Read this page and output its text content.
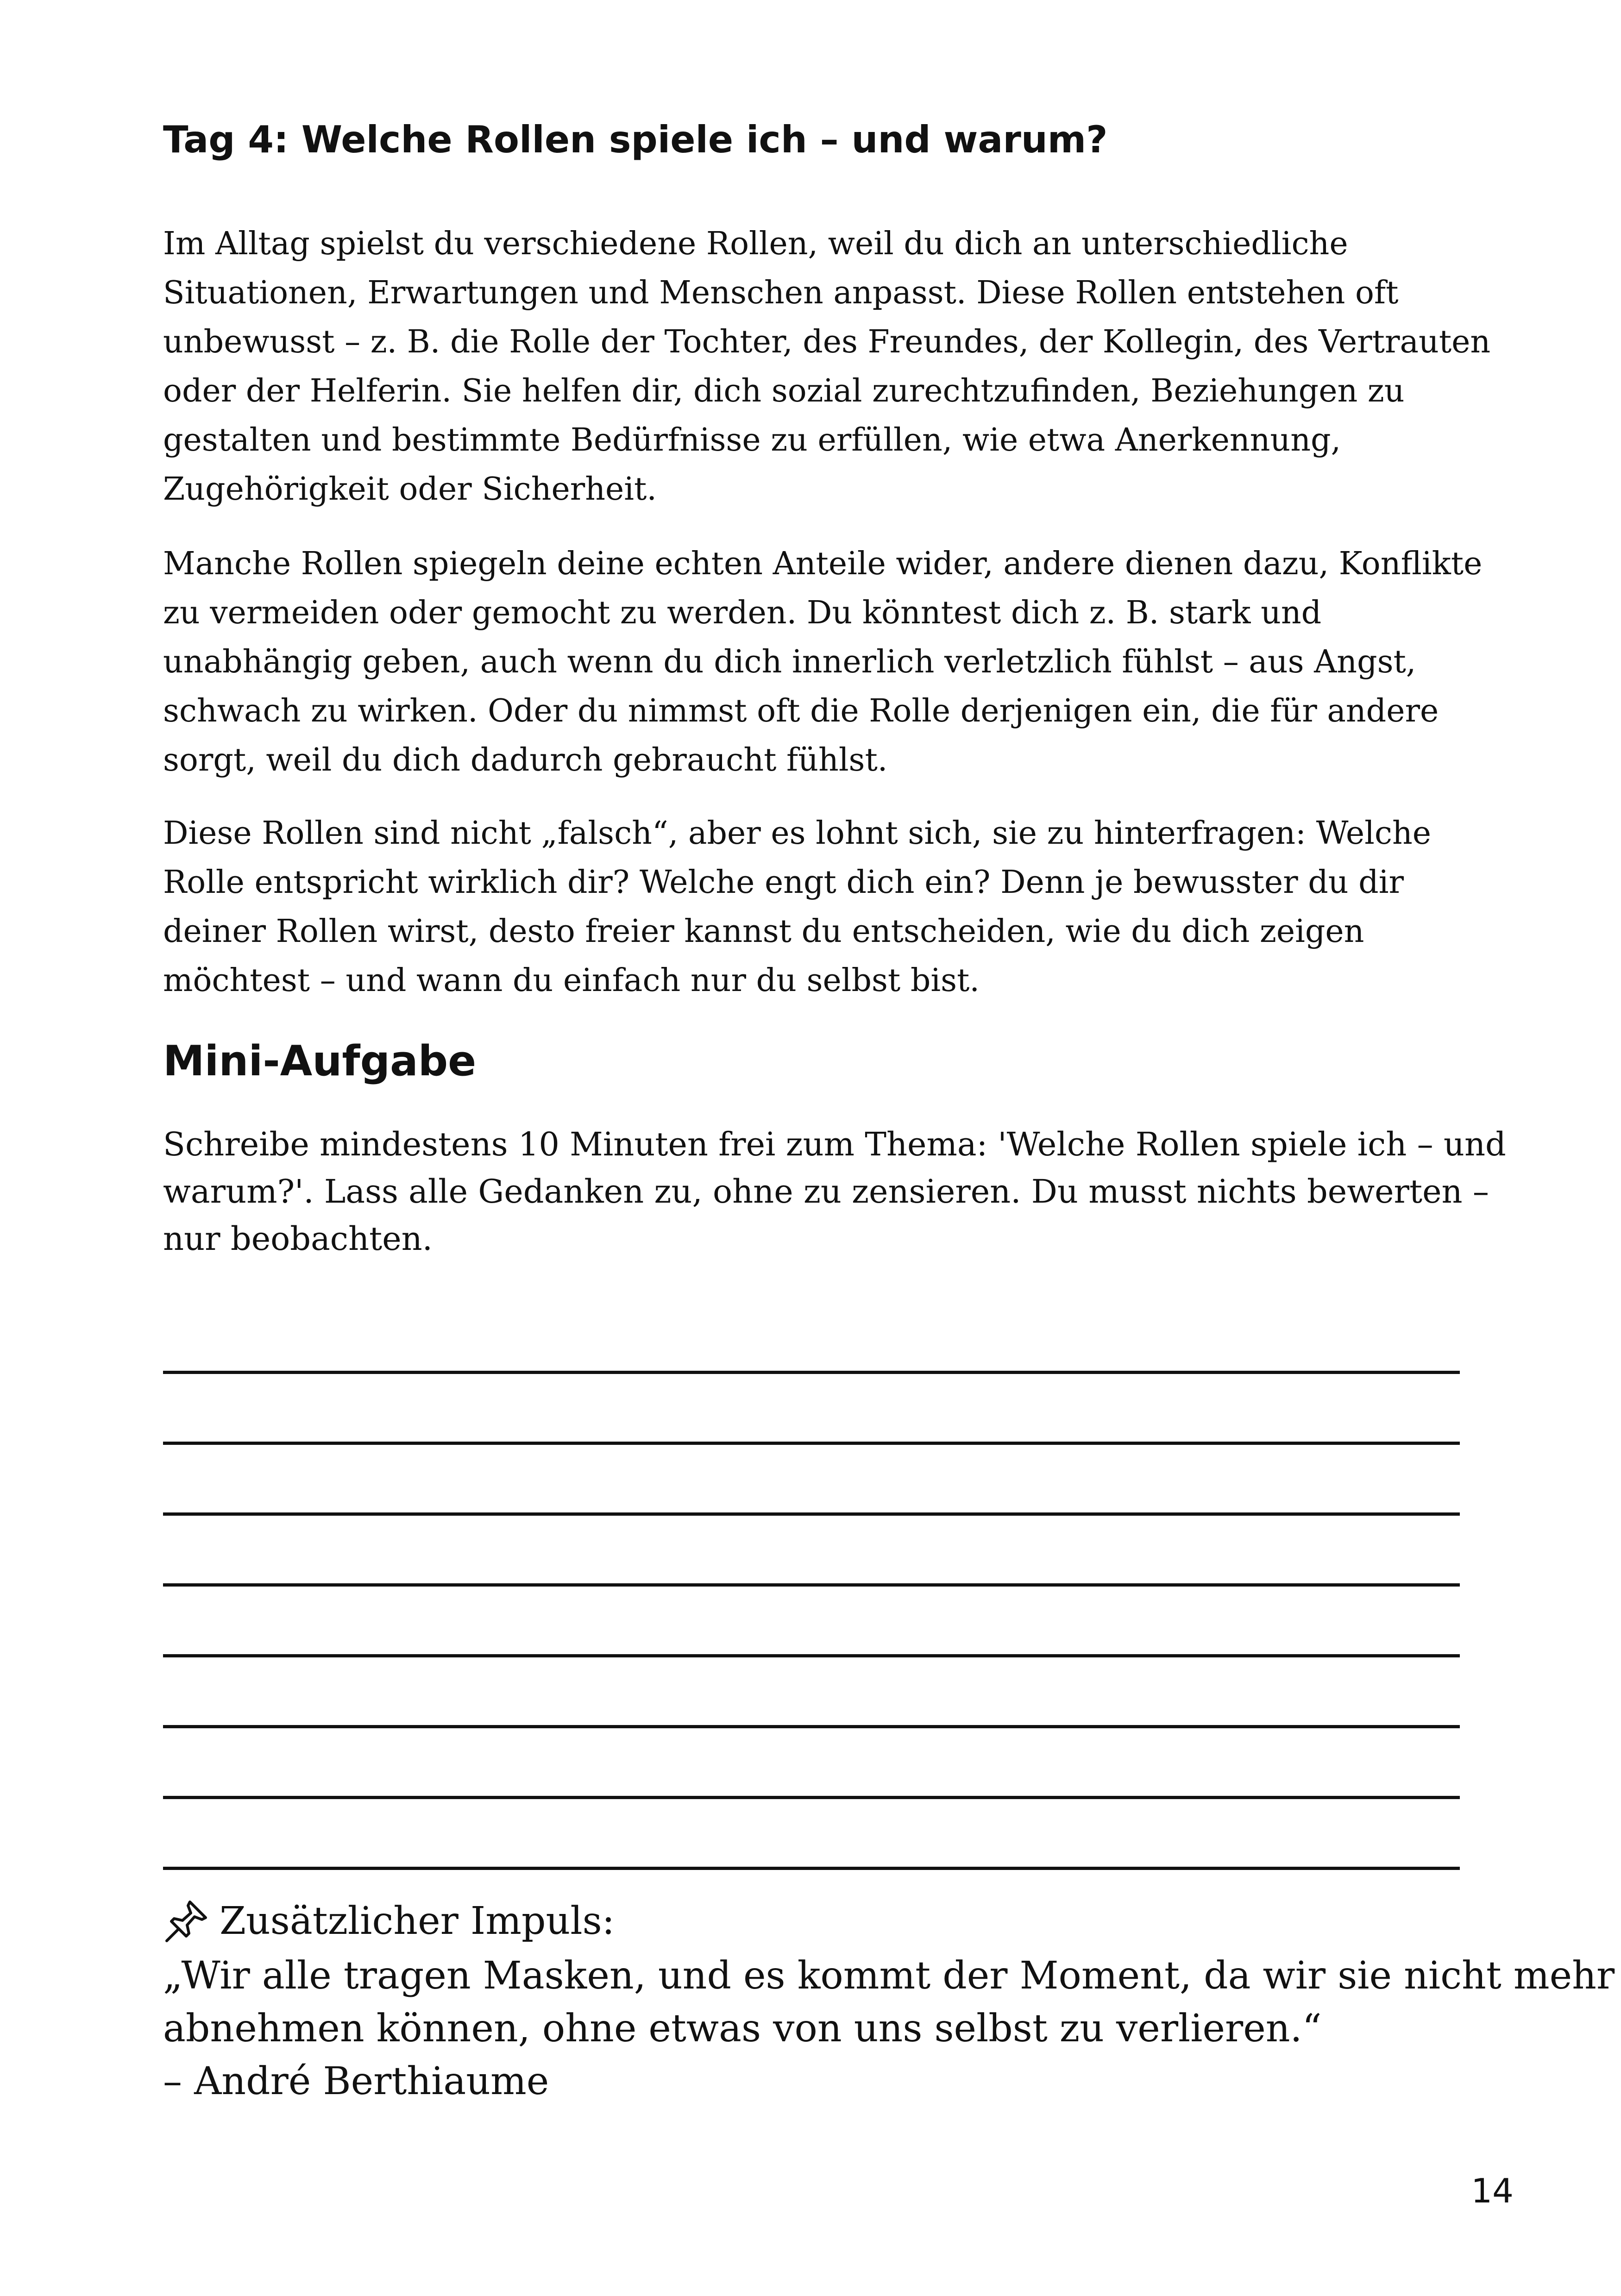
Tag 4: Welche Rollen spiele ich – und warum?
Im Alltag spielst du verschiedene Rollen, weil du dich an unterschiedliche
Situationen, Erwartungen und Menschen anpasst. Diese Rollen entstehen oft
unbewusst – z. B. die Rolle der Tochter, des Freundes, der Kollegin, des Vertrauten
oder der Helferin. Sie helfen dir, dich sozial zurechtzufinden, Beziehungen zu
gestalten und bestimmte Bedürfnisse zu erfüllen, wie etwa Anerkennung,
Zugehörigkeit oder Sicherheit.
Manche Rollen spiegeln deine echten Anteile wider, andere dienen dazu, Konflikte
zu vermeiden oder gemocht zu werden. Du könntest dich z. B. stark und
unabhängig geben, auch wenn du dich innerlich verletzlich fühlst – aus Angst,
schwach zu wirken. Oder du nimmst oft die Rolle derjenigen ein, die für andere
sorgt, weil du dich dadurch gebraucht fühlst.
Diese Rollen sind nicht „falsch“, aber es lohnt sich, sie zu hinterfragen: Welche
Rolle entspricht wirklich dir? Welche engt dich ein? Denn je bewusster du dir
deiner Rollen wirst, desto freier kannst du entscheiden, wie du dich zeigen
möchtest – und wann du einfach nur du selbst bist.
Mini-Aufgabe
Schreibe mindestens 10 Minuten frei zum Thema: 'Welche Rollen spiele ich – und
warum?'. Lass alle Gedanken zu, ohne zu zensieren. Du musst nichts bewerten –
nur beobachten.
Zusätzlicher Impuls:
„Wir alle tragen Masken, und es kommt der Moment, da wir sie nicht mehr
abnehmen können, ohne etwas von uns selbst zu verlieren.“
– André Berthiaume
14
